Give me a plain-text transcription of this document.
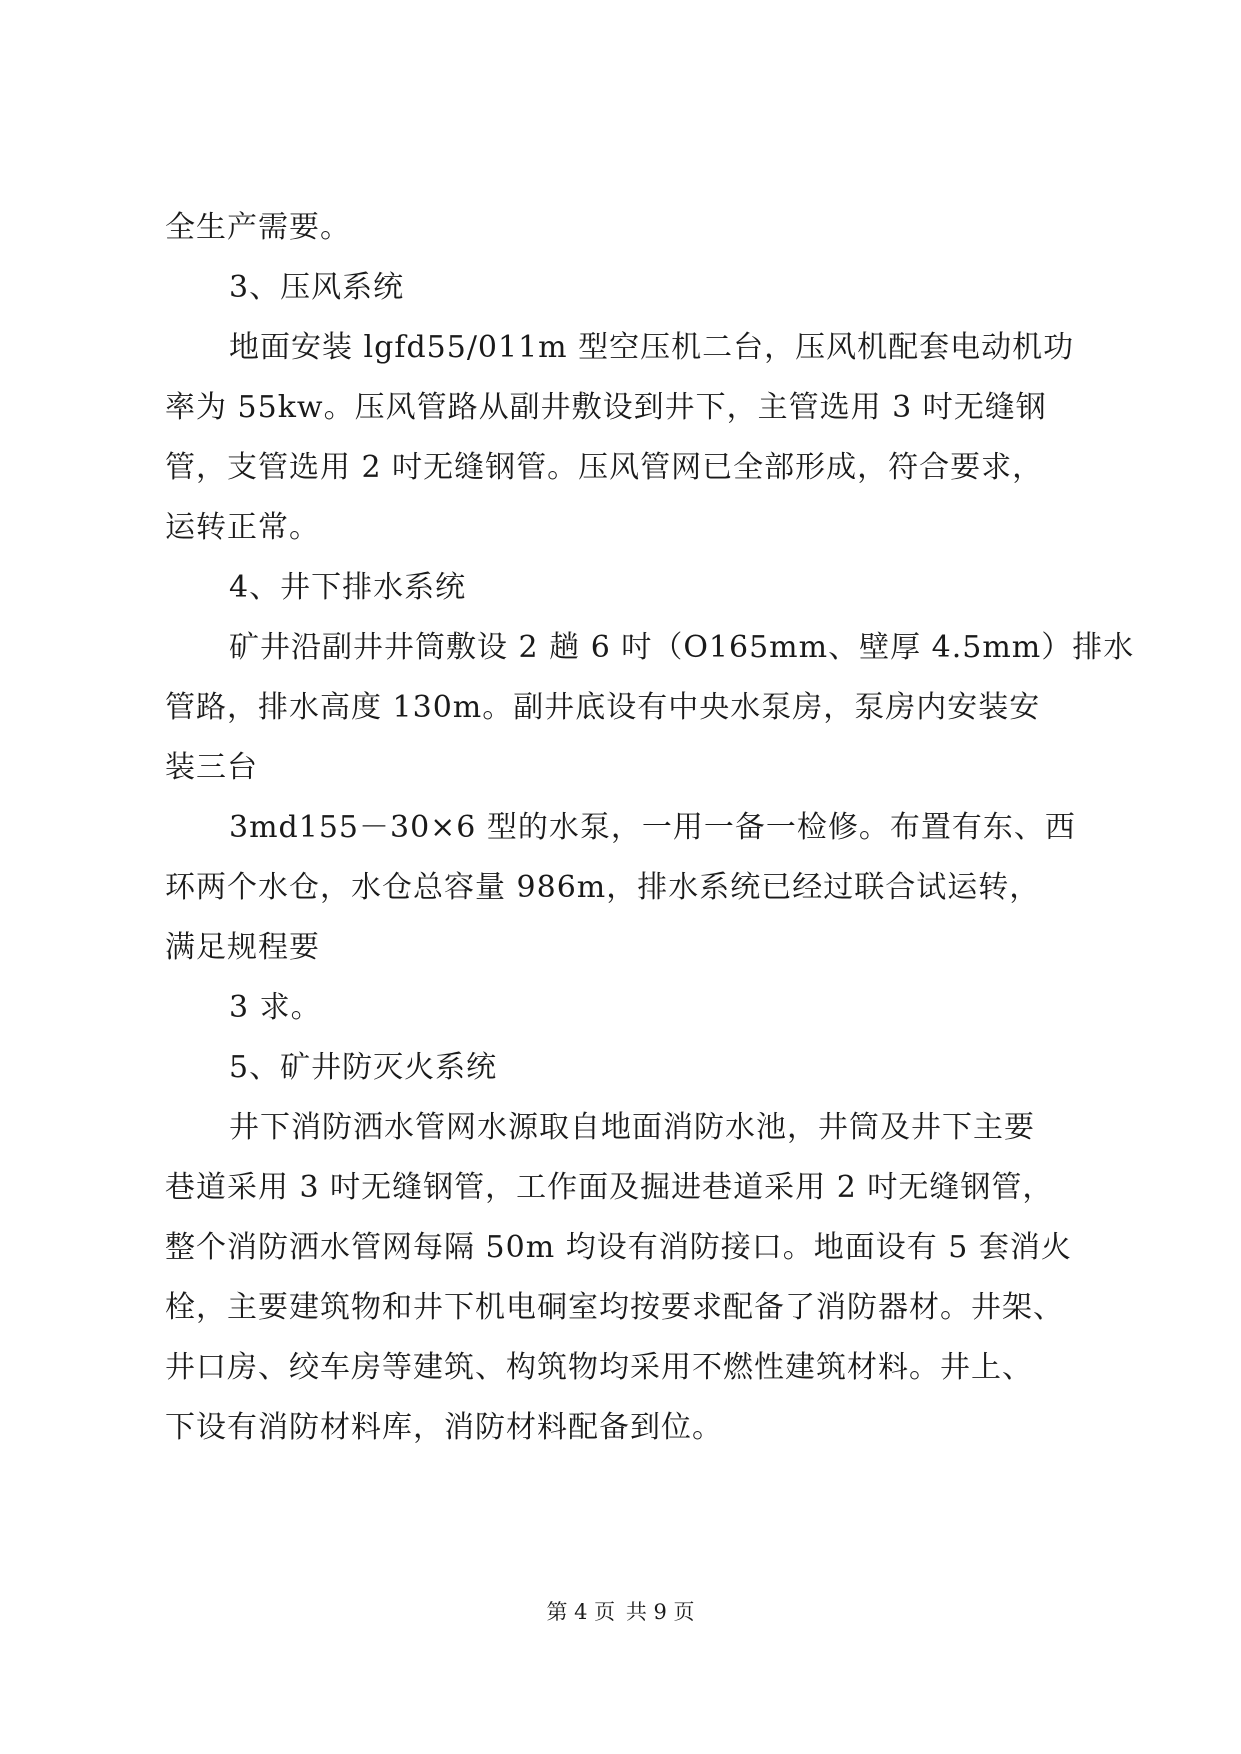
全生产需要。
3、压风系统
地面安装 lgfd55/011m 型空压机二台，压风机配套电动机功
率为 55kw。压风管路从副井敷设到井下，主管选用 3 吋无缝钢
管，支管选用 2 吋无缝钢管。压风管网已全部形成，符合要求，
运转正常。
4、井下排水系统
矿井沿副井井筒敷设 2 趟 6 吋（O165mm、壁厚 4.5mm）排水
管路，排水高度 130m。副井底设有中央水泵房，泵房内安装安
装三台
3md155－30×6 型的水泵，一用一备一检修。布置有东、西
环两个水仓，水仓总容量 986m，排水系统已经过联合试运转，
满足规程要
3 求。
5、矿井防灭火系统
井下消防洒水管网水源取自地面消防水池，井筒及井下主要
巷道采用 3 吋无缝钢管，工作面及掘进巷道采用 2 吋无缝钢管，
整个消防洒水管网每隔 50m 均设有消防接口。地面设有 5 套消火
栓，主要建筑物和井下机电硐室均按要求配备了消防器材。井架、
井口房、绞车房等建筑、构筑物均采用不燃性建筑材料。井上、
下设有消防材料库，消防材料配备到位。
第 4 页 共 9 页
